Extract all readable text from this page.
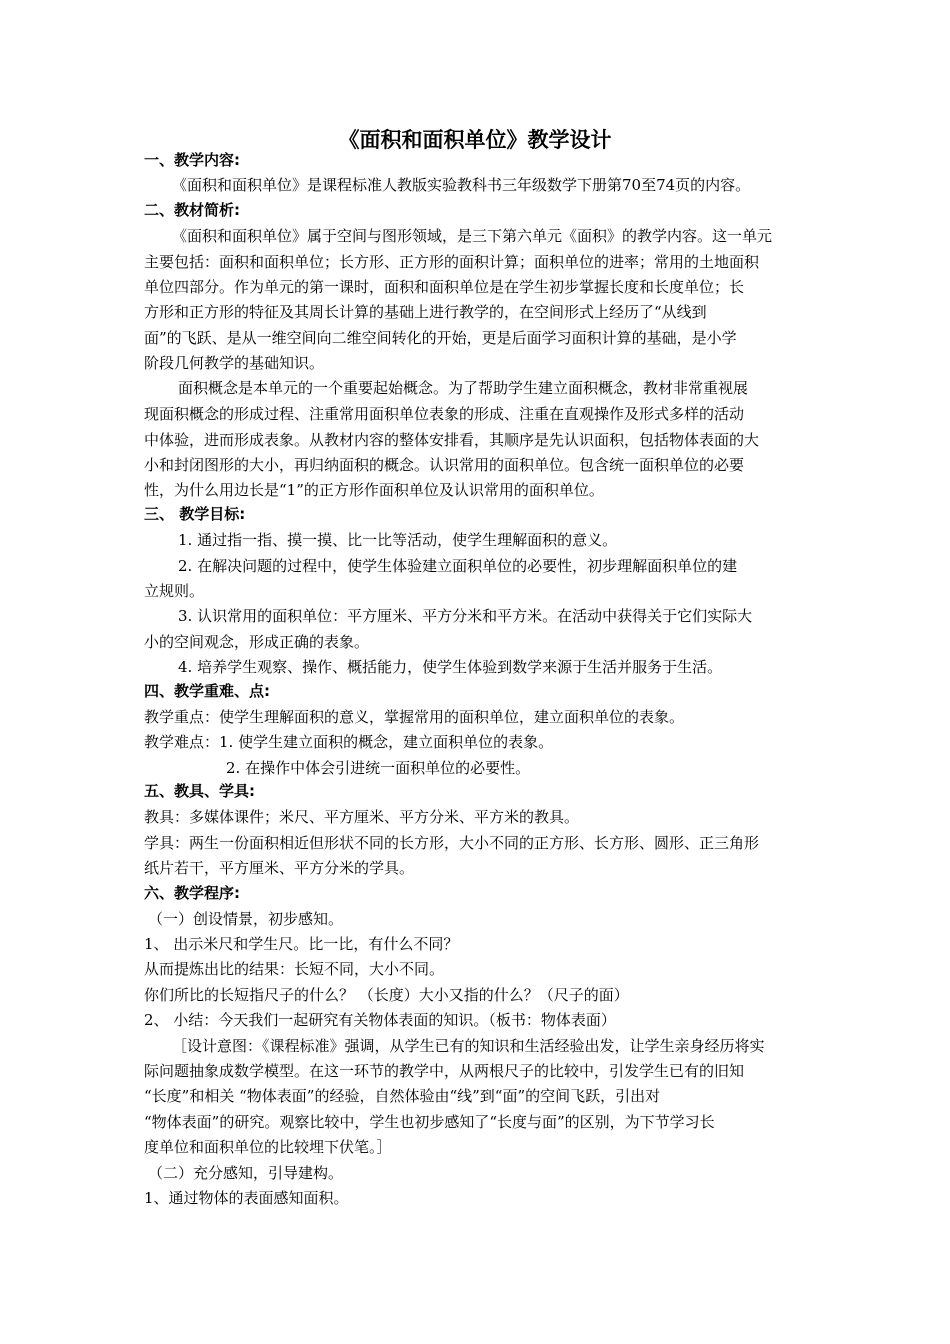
《面积和面积单位》教学设计
一、教学内容:
《面积和面积单位》是课程标准人教版实验教科书三年级数学下册第70至74页的内容。
二、教材简析:
《面积和面积单位》属于空间与图形领域，是三下第六单元《面积》的教学内容。这一单元
主要包括：面积和面积单位；长方形、正方形的面积计算；面积单位的进率；常用的土地面积
单位四部分。作为单元的第一课时，面积和面积单位是在学生初步掌握长度和长度单位；长
方形和正方形的特征及其周长计算的基础上进行教学的，在空间形式上经历了“从线到
面”的飞跃、是从一维空间向二维空间转化的开始，更是后面学习面积计算的基础，是小学
阶段几何教学的基础知识。
面积概念是本单元的一个重要起始概念。为了帮助学生建立面积概念，教材非常重视展
现面积概念的形成过程、注重常用面积单位表象的形成、注重在直观操作及形式多样的活动
中体验，进而形成表象。从教材内容的整体安排看，其顺序是先认识面积，包括物体表面的大
小和封闭图形的大小，再归纳面积的概念。认识常用的面积单位。包含统一面积单位的必要
性，为什么用边长是“1”的正方形作面积单位及认识常用的面积单位。
三、 教学目标:
1. 通过指一指、摸一摸、比一比等活动，使学生理解面积的意义。
2. 在解决问题的过程中，使学生体验建立面积单位的必要性，初步理解面积单位的建
立规则。
3. 认识常用的面积单位：平方厘米、平方分米和平方米。在活动中获得关于它们实际大
小的空间观念，形成正确的表象。
4. 培养学生观察、操作、概括能力，使学生体验到数学来源于生活并服务于生活。
四、教学重难、点:
教学重点：使学生理解面积的意义，掌握常用的面积单位，建立面积单位的表象。
教学难点：1. 使学生建立面积的概念，建立面积单位的表象。
2. 在操作中体会引进统一面积单位的必要性。
五、教具、学具:
教具：多媒体课件；米尺、平方厘米、平方分米、平方米的教具。
学具：两生一份面积相近但形状不同的长方形，大小不同的正方形、长方形、圆形、正三角形
纸片若干，平方厘米、平方分米的学具。
六、教学程序:
（一）创设情景，初步感知。
1、 出示米尺和学生尺。比一比，有什么不同？
从而提炼出比的结果：长短不同，大小不同。
你们所比的长短指尺子的什么？ （长度）大小又指的什么？（尺子的面）
2、 小结：今天我们一起研究有关物体表面的知识。（板书：物体表面）
［设计意图：《课程标准》强调，从学生已有的知识和生活经验出发，让学生亲身经历将实
际问题抽象成数学模型。在这一环节的教学中，从两根尺子的比较中，引发学生已有的旧知
“长度”和相关 “物体表面”的经验，自然体验由“线”到“面”的空间飞跃，引出对
“物体表面”的研究。观察比较中，学生也初步感知了“长度与面”的区别，为下节学习长
度单位和面积单位的比较埋下伏笔。］
（二）充分感知，引导建构。
1、通过物体的表面感知面积。
